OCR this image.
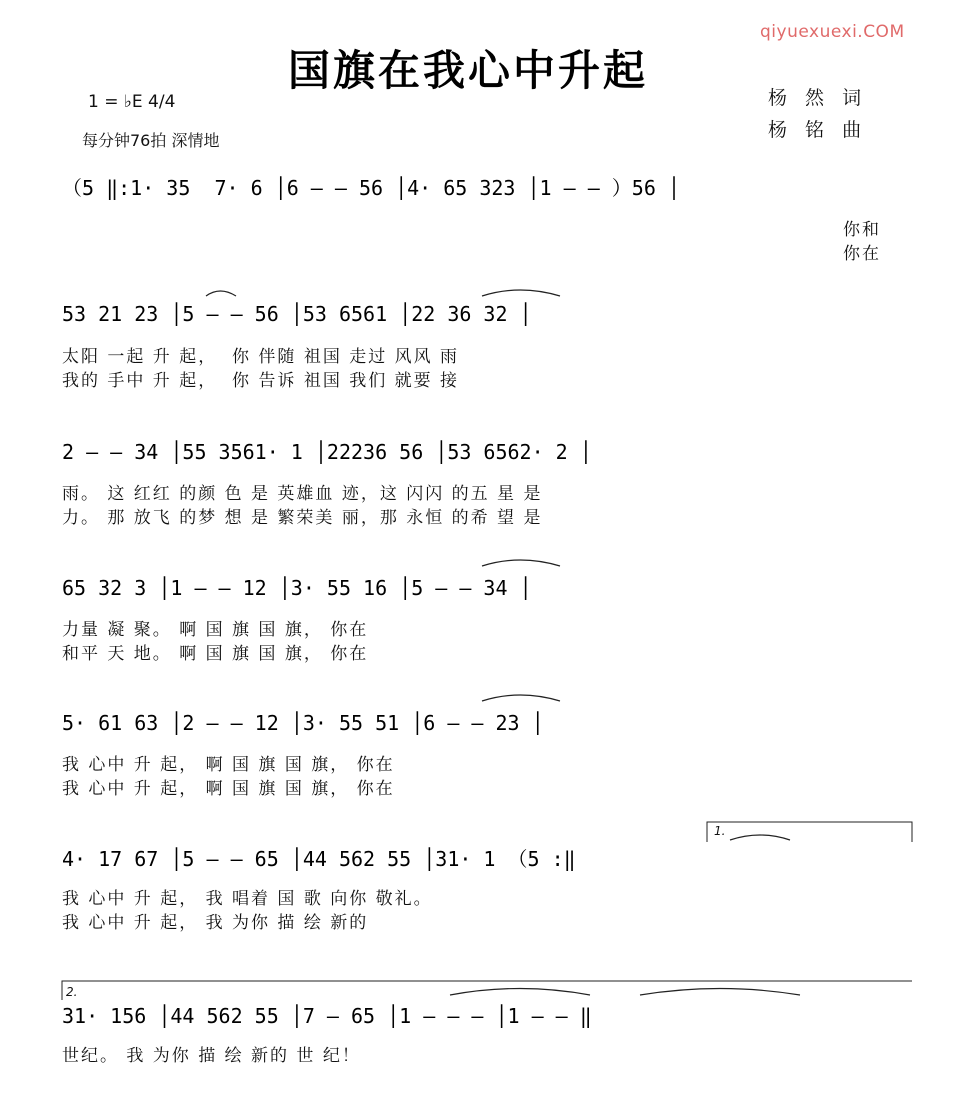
qiyuexuexi.COM
国旗在我心中升起
1 = ♭E 4/4
每分钟76拍 深情地
杨 然 词
杨 铭 曲
（5 ‖:1· 35  7· 6 │6 — — 56 │4· 65 323 │1 — — ）56 │
你和
你在
53 21 23 │5 — — 56 │53 6561 │22 36 32 │
太阳 一起 升 起，  你 伴随 祖国 走过 风风 雨
我的 手中 升 起，  你 告诉 祖国 我们 就要 接
2 — — 34 │55 3561· 1 │22236 56 │53 6562· 2 │
雨。 这 红红 的颜 色 是 英雄血 迹，这 闪闪 的五 星 是
力。 那 放飞 的梦 想 是 繁荣美 丽，那 永恒 的希 望 是
65 32 3 │1 — — 12 │3· 55 16 │5 — — 34 │
力量 凝 聚。 啊 国 旗 国 旗， 你在
和平 天 地。 啊 国 旗 国 旗， 你在
5· 61 63 │2 — — 12 │3· 55 51 │6 — — 23 │
我 心中 升 起， 啊 国 旗 国 旗， 你在
我 心中 升 起， 啊 国 旗 国 旗， 你在
1.
4· 17 67 │5 — — 65 │44 562 55 │31· 1 （5 :‖
我 心中 升 起， 我 唱着 国 歌 向你 敬礼。
我 心中 升 起， 我 为你 描 绘 新的
2.
31· 156 │44 562 55 │7 — 65 │1 — — — │1 — — ‖
世纪。 我 为你 描 绘 新的 世 纪！
